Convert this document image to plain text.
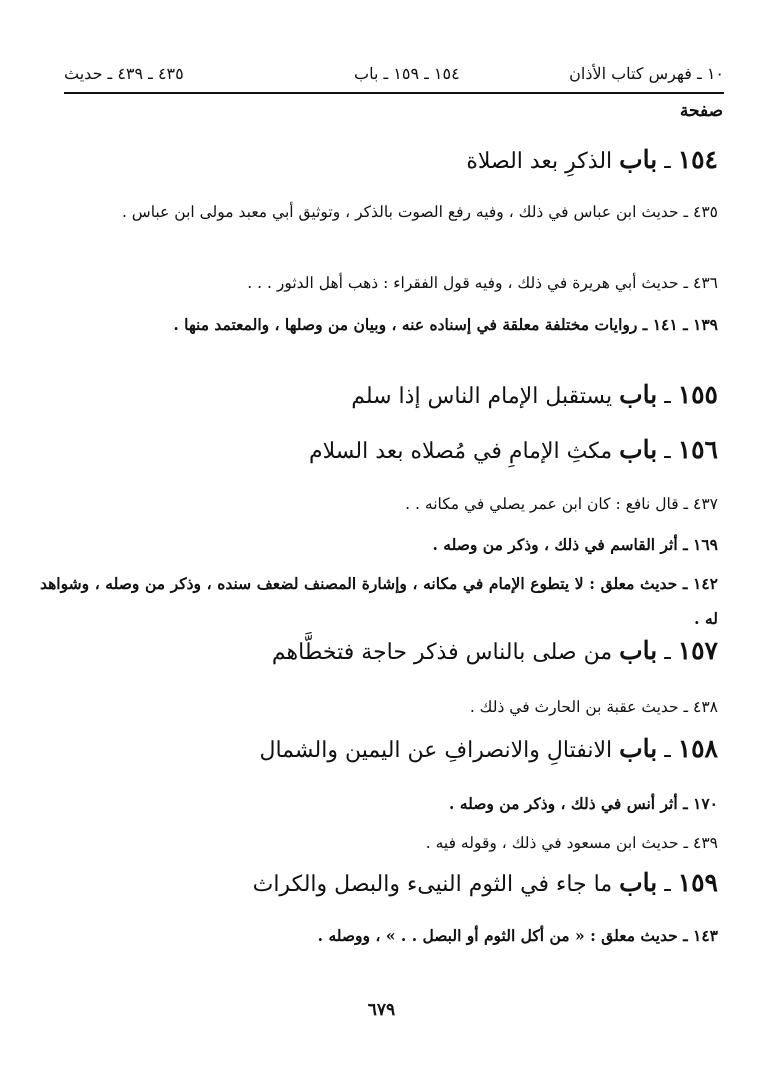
١٠ ـ فهرس كتاب الأذان
١٥٤ ـ ١٥٩ ـ باب
٤٣٥ ـ ٤٣٩ ـ حديث
صفحة
١٥٤ ـ باب الذكرِ بعد الصلاة
٤٣٥ ـ حديث ابن عباس في ذلك ، وفيه رفع الصوت بالذكر ، وتوثيق أبي معبد مولى ابن عباس .
٤٣٦ ـ حديث أبي هريرة في ذلك ، وفيه قول الفقراء : ذهب أهل الدثور . . .
١٣٩ ـ ١٤١ ـ روايات مختلفة معلقة في إسناده عنه ، وبيان من وصلها ، والمعتمد منها .
١٥٥ ـ باب يستقبل الإمام الناس إذا سلم
١٥٦ ـ باب مكثِ الإمامِ في مُصلاه بعد السلام
٤٣٧ ـ قال نافع : كان ابن عمر يصلي في مكانه . .
١٦٩ ـ أثر القاسم في ذلك ، وذكر من وصله .
١٤٢ ـ حديث معلق : لا يتطوع الإمام في مكانه ، وإشارة المصنف لضعف سنده ، وذكر من وصله ، وشواهد له .
١٥٧ ـ باب من صلى بالناس فذكر حاجة فتخطَّاهم
٤٣٨ ـ حديث عقبة بن الحارث في ذلك .
١٥٨ ـ باب الانفتالِ والانصرافِ عن اليمين والشمال
١٧٠ ـ أثر أنس في ذلك ، وذكر من وصله .
٤٣٩ ـ حديث ابن مسعود في ذلك ، وقوله فيه .
١٥٩ ـ باب ما جاء في الثوم النيىء والبصل والكراث
١٤٣ ـ حديث معلق : « من أكل الثوم أو البصل . . » ، ووصله .
٦٧٩
